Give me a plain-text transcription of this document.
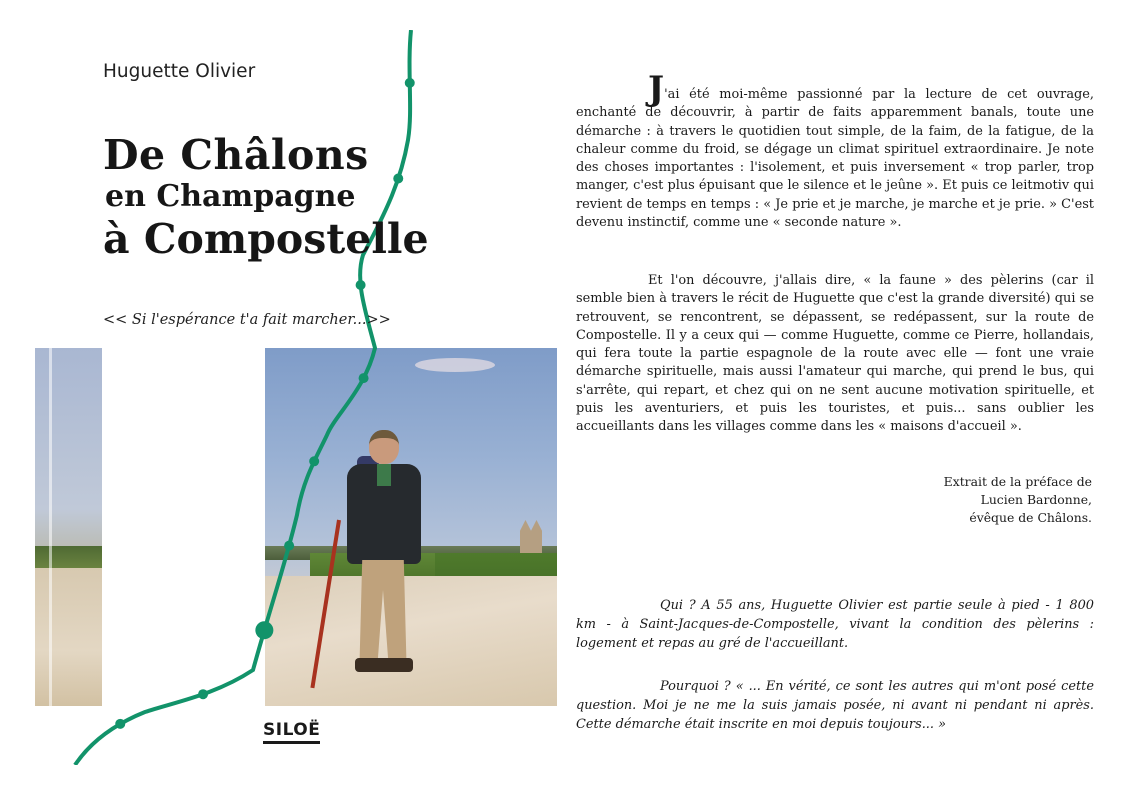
Huguette Olivier
De Châlons
en Champagne
à Compostelle
<< Si l'espérance t'a fait marcher...>>
SILOË

J'ai été moi-même passionné par la lecture de cet ouvrage, enchanté de découvrir, à partir de faits apparemment banals, toute une démarche : à travers le quotidien tout simple, de la faim, de la fatigue, de la chaleur comme du froid, se dégage un climat spirituel extraordinaire. Je note des choses importantes : l'isolement, et puis inversement « trop parler, trop manger, c'est plus épuisant que le silence et le jeûne ». Et puis ce leitmotiv qui revient de temps en temps : « Je prie et je marche, je marche et je prie. » C'est devenu instinctif, comme une « seconde nature ».

Et l'on découvre, j'allais dire, « la faune » des pèlerins (car il semble bien à travers le récit de Huguette que c'est la grande diversité) qui se retrouvent, se rencontrent, se dépassent, se redépassent, sur la route de Compostelle. Il y a ceux qui — comme Huguette, comme ce Pierre, hollandais, qui fera toute la partie espagnole de la route avec elle — font une vraie démarche spirituelle, mais aussi l'amateur qui marche, qui prend le bus, qui s'arrête, qui repart, et chez qui on ne sent aucune motivation spirituelle, et puis les aventuriers, et puis les touristes, et puis... sans oublier les accueillants dans les villages comme dans les « maisons d'accueil ».

Extrait de la préface de
Lucien Bardonne,
évêque de Châlons.

Qui ? A 55 ans, Huguette Olivier est partie seule à pied - 1 800 km - à Saint-Jacques-de-Compostelle, vivant la condition des pèlerins : logement et repas au gré de l'accueillant.

Pourquoi ? « ... En vérité, ce sont les autres qui m'ont posé cette question. Moi je ne me la suis jamais posée, ni avant ni pendant ni après. Cette démarche était inscrite en moi depuis toujours... »
